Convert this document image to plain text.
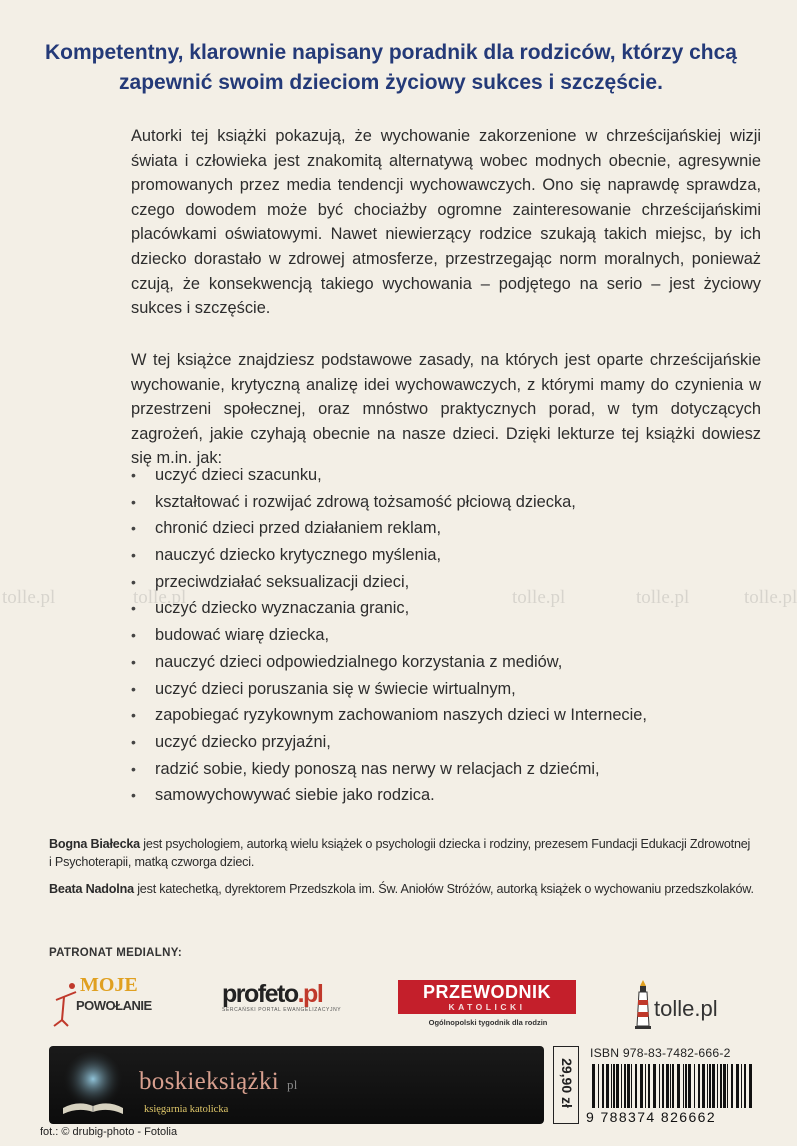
tolle.pl	tolle.pl	tolle.pl	tolle.pl	tolle.pl
Kompetentny, klarownie napisany poradnik dla rodziców, którzy chcą zapewnić swoim dzieciom życiowy sukces i szczęście.
Autorki tej książki pokazują, że wychowanie zakorzenione w chrześcijańskiej wizji świata i człowieka jest znakomitą alternatywą wobec modnych obecnie, agresywnie promowanych przez media tendencji wychowawczych. Ono się naprawdę sprawdza, czego dowodem może być chociażby ogromne zainteresowanie chrześcijańskimi placówkami oświatowymi. Nawet niewierzący rodzice szukają takich miejsc, by ich dziecko dorastało w zdrowej atmosferze, przestrzegając norm moralnych, ponieważ czują, że konsekwencją takiego wychowania – podjętego na serio – jest życiowy sukces i szczęście.
W tej książce znajdziesz podstawowe zasady, na których jest oparte chrześcijańskie wychowanie, krytyczną analizę idei wychowawczych, z którymi mamy do czynienia w przestrzeni społecznej, oraz mnóstwo praktycznych porad, w tym dotyczących zagrożeń, jakie czyhają obecnie na nasze dzieci. Dzięki lekturze tej książki dowiesz się m.in. jak:
• uczyć dzieci szacunku,
• kształtować i rozwijać zdrową tożsamość płciową dziecka,
• chronić dzieci przed działaniem reklam,
• nauczyć dziecko krytycznego myślenia,
• przeciwdziałać seksualizacji dzieci,
• uczyć dziecko wyznaczania granic,
• budować wiarę dziecka,
• nauczyć dzieci odpowiedzialnego korzystania z mediów,
• uczyć dzieci poruszania się w świecie wirtualnym,
• zapobiegać ryzykownym zachowaniom naszych dzieci w Internecie,
• uczyć dziecko przyjaźni,
• radzić sobie, kiedy ponoszą nas nerwy w relacjach z dziećmi,
• samowychowywać siebie jako rodzica.
Bogna Białecka jest psychologiem, autorką wielu książek o psychologii dziecka i rodziny, prezesem Fundacji Edukacji Zdrowotnej i Psychoterapii, matką czworga dzieci.
Beata Nadolna jest katechetką, dyrektorem Przedszkola im. Św. Aniołów Stróżów, autorką książek o wychowaniu przedszkolaków.
PATRONAT MEDIALNY:
MOJE
POWOŁANIE	profeto.pl
SERCAŃSKI PORTAL EWANGELIZACYJNY
PRZEWODNIK
KATOLICKI
Ogólnopolski tygodnik dla rodzin
tolle.pl
boskieksiążki pl
księgarnia katolicka
fot.: © drubig-photo - Fotolia
29,90 zł
ISBN 978-83-7482-666-2
9 788374 826662
